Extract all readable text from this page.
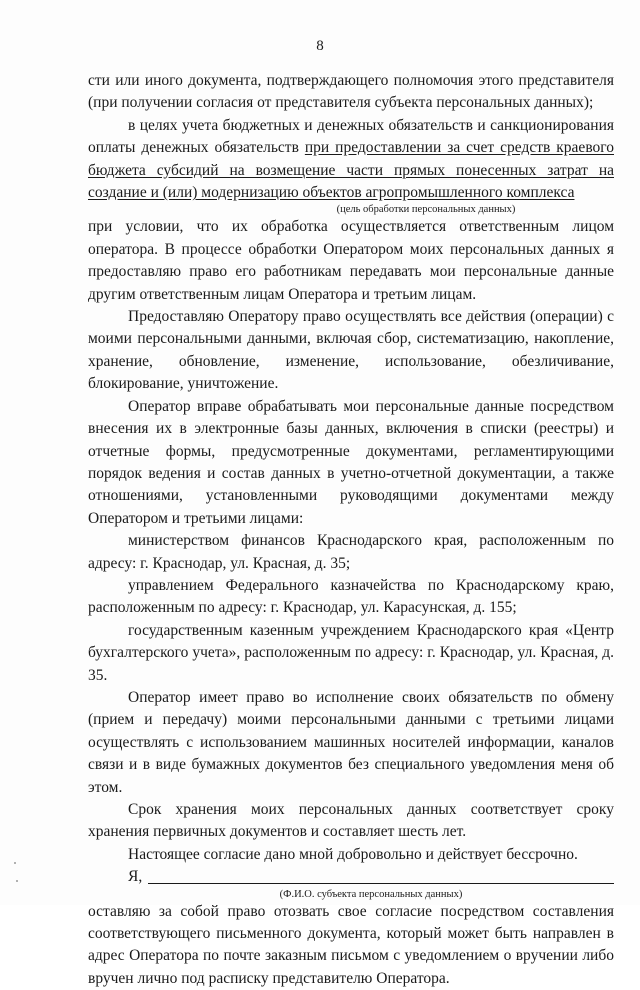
8

сти или иного документа, подтверждающего полномочия этого представителя (при получении согласия от представителя субъекта персональных данных);

в целях учета бюджетных и денежных обязательств и санкционирования оплаты денежных обязательств при предоставлении за счет средств краевого бюджета субсидий на возмещение части прямых понесенных затрат на создание и (или) модернизацию объектов агропромышленного комплекса

(цель обработки персональных данных)

при условии, что их обработка осуществляется ответственным лицом оператора. В процессе обработки Оператором моих персональных данных я предоставляю право его работникам передавать мои персональные данные другим ответственным лицам Оператора и третьим лицам.

Предоставляю Оператору право осуществлять все действия (операции) с моими персональными данными, включая сбор, систематизацию, накопление, хранение, обновление, изменение, использование, обезличивание, блокирование, уничтожение.

Оператор вправе обрабатывать мои персональные данные посредством внесения их в электронные базы данных, включения в списки (реестры) и отчетные формы, предусмотренные документами, регламентирующими порядок ведения и состав данных в учетно-отчетной документации, а также отношениями, установленными руководящими документами между Оператором и третьими лицами:

министерством финансов Краснодарского края, расположенным по адресу: г. Краснодар, ул. Красная, д. 35;

управлением Федерального казначейства по Краснодарскому краю, расположенным по адресу: г. Краснодар, ул. Карасунская, д. 155;

государственным казенным учреждением Краснодарского края «Центр бухгалтерского учета», расположенным по адресу: г. Краснодар, ул. Красная, д. 35.

Оператор имеет право во исполнение своих обязательств по обмену (прием и передачу) моими персональными данными с третьими лицами осуществлять с использованием машинных носителей информации, каналов связи и в виде бумажных документов без специального уведомления меня об этом.

Срок хранения моих персональных данных соответствует сроку хранения первичных документов и составляет шесть лет.

Настоящее согласие дано мной добровольно и действует бессрочно.

Я,
(Ф.И.О. субъекта персональных данных)

оставляю за собой право отозвать свое согласие посредством составления соответствующего письменного документа, который может быть направлен в адрес Оператора по почте заказным письмом с уведомлением о вручении либо вручен лично под расписку представителю Оператора.
